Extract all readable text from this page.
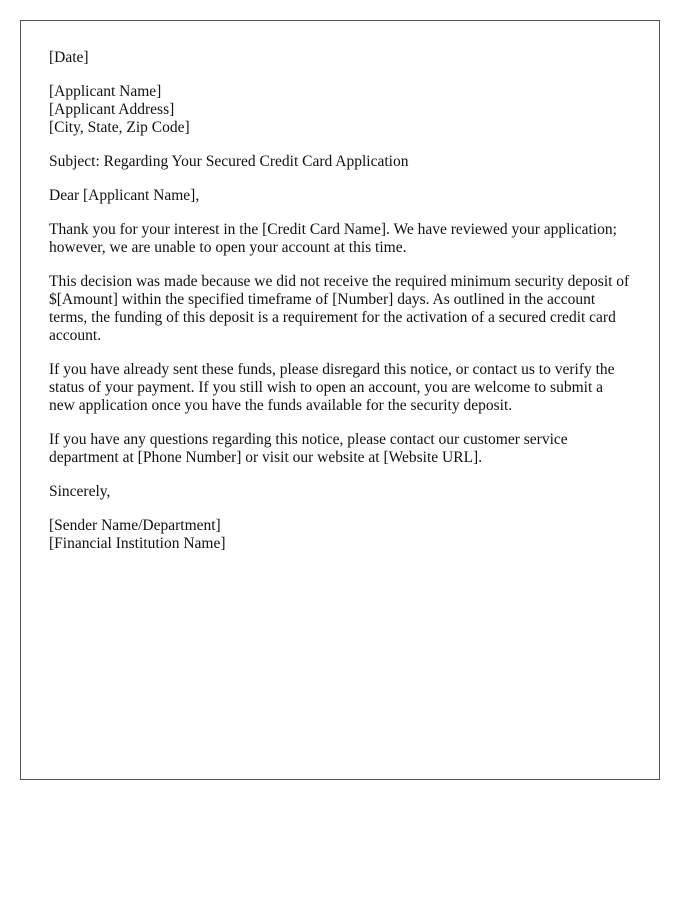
[Date]
[Applicant Name]
[Applicant Address]
[City, State, Zip Code]

Subject: Regarding Your Secured Credit Card Application

Dear [Applicant Name],

Thank you for your interest in the [Credit Card Name]. We have reviewed your application; however, we are unable to open your account at this time.

This decision was made because we did not receive the required minimum security deposit of $[Amount] within the specified timeframe of [Number] days. As outlined in the account terms, the funding of this deposit is a requirement for the activation of a secured credit card account.

If you have already sent these funds, please disregard this notice, or contact us to verify the status of your payment. If you still wish to open an account, you are welcome to submit a new application once you have the funds available for the security deposit.

If you have any questions regarding this notice, please contact our customer service department at [Phone Number] or visit our website at [Website URL].

Sincerely,

[Sender Name/Department]
[Financial Institution Name]
